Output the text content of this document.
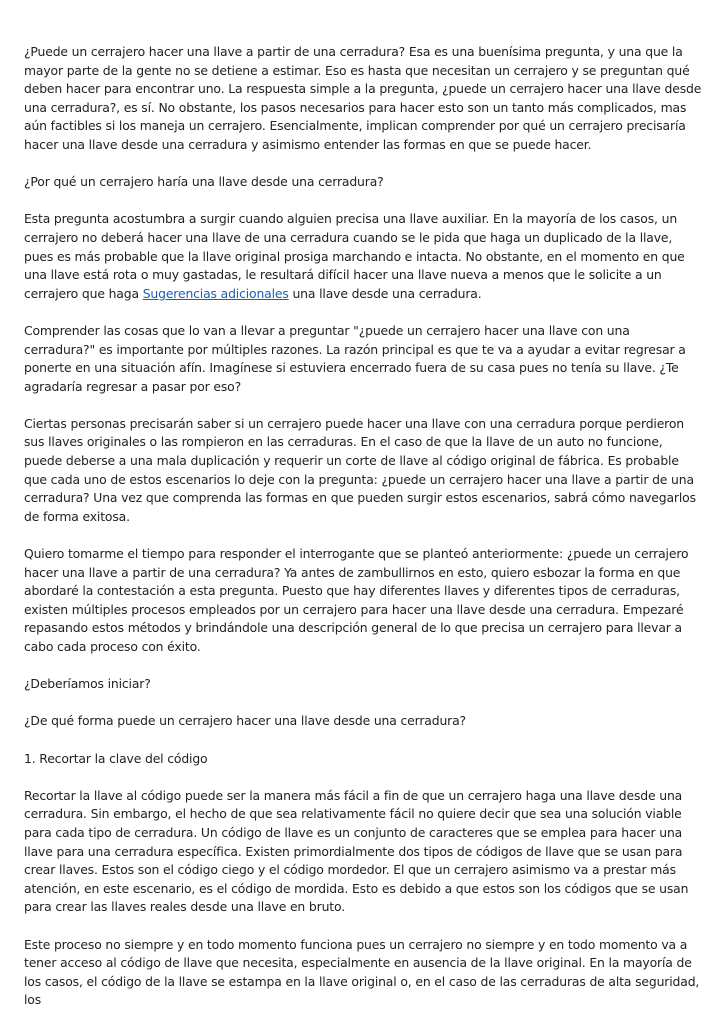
¿Puede un cerrajero hacer una llave a partir de una cerradura? Esa es una buenísima pregunta, y una que la mayor parte de la gente no se detiene a estimar. Eso es hasta que necesitan un cerrajero y se preguntan qué deben hacer para encontrar uno. La respuesta simple a la pregunta, ¿puede un cerrajero hacer una llave desde una cerradura?, es sí. No obstante, los pasos necesarios para hacer esto son un tanto más complicados, mas aún factibles si los maneja un cerrajero. Esencialmente, implican comprender por qué un cerrajero precisaría hacer una llave desde una cerradura y asimismo entender las formas en que se puede hacer.

¿Por qué un cerrajero haría una llave desde una cerradura?

Esta pregunta acostumbra a surgir cuando alguien precisa una llave auxiliar. En la mayoría de los casos, un cerrajero no deberá hacer una llave de una cerradura cuando se le pida que haga un duplicado de la llave, pues es más probable que la llave original prosiga marchando e intacta. No obstante, en el momento en que una llave está rota o muy gastadas, le resultará difícil hacer una llave nueva a menos que le solicite a un cerrajero que haga Sugerencias adicionales una llave desde una cerradura.

Comprender las cosas que lo van a llevar a preguntar "¿puede un cerrajero hacer una llave con una cerradura?" es importante por múltiples razones. La razón principal es que te va a ayudar a evitar regresar a ponerte en una situación afín. Imagínese si estuviera encerrado fuera de su casa pues no tenía su llave. ¿Te agradaría regresar a pasar por eso?

Ciertas personas precisarán saber si un cerrajero puede hacer una llave con una cerradura porque perdieron sus llaves originales o las rompieron en las cerraduras. En el caso de que la llave de un auto no funcione, puede deberse a una mala duplicación y requerir un corte de llave al código original de fábrica. Es probable que cada uno de estos escenarios lo deje con la pregunta: ¿puede un cerrajero hacer una llave a partir de una cerradura? Una vez que comprenda las formas en que pueden surgir estos escenarios, sabrá cómo navegarlos de forma exitosa.

Quiero tomarme el tiempo para responder el interrogante que se planteó anteriormente: ¿puede un cerrajero hacer una llave a partir de una cerradura? Ya antes de zambullirnos en esto, quiero esbozar la forma en que abordaré la contestación a esta pregunta. Puesto que hay diferentes llaves y diferentes tipos de cerraduras, existen múltiples procesos empleados por un cerrajero para hacer una llave desde una cerradura. Empezaré repasando estos métodos y brindándole una descripción general de lo que precisa un cerrajero para llevar a cabo cada proceso con éxito.

¿Deberíamos iniciar?

¿De qué forma puede un cerrajero hacer una llave desde una cerradura?

1. Recortar la clave del código

Recortar la llave al código puede ser la manera más fácil a fin de que un cerrajero haga una llave desde una cerradura. Sin embargo, el hecho de que sea relativamente fácil no quiere decir que sea una solución viable para cada tipo de cerradura. Un código de llave es un conjunto de caracteres que se emplea para hacer una llave para una cerradura específica. Existen primordialmente dos tipos de códigos de llave que se usan para crear llaves. Estos son el código ciego y el código mordedor. El que un cerrajero asimismo va a prestar más atención, en este escenario, es el código de mordida. Esto es debido a que estos son los códigos que se usan para crear las llaves reales desde una llave en bruto.

Este proceso no siempre y en todo momento funciona pues un cerrajero no siempre y en todo momento va a tener acceso al código de llave que necesita, especialmente en ausencia de la llave original. En la mayoría de los casos, el código de la llave se estampa en la llave original o, en el caso de las cerraduras de alta seguridad, los
